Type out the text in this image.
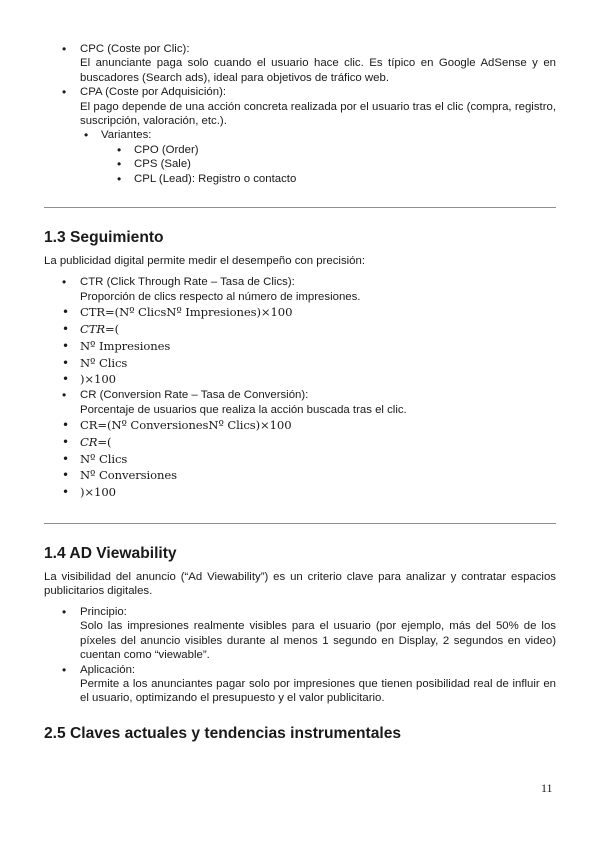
• CPC (Coste por Clic):
El anunciante paga solo cuando el usuario hace clic. Es típico en Google AdSense y en buscadores (Search ads), ideal para objetivos de tráfico web.
• CPA (Coste por Adquisición):
El pago depende de una acción concreta realizada por el usuario tras el clic (compra, registro, suscripción, valoración, etc.).
• Variantes:
• CPO (Order)
• CPS (Sale)
• CPL (Lead): Registro o contacto
1.3 Seguimiento

La publicidad digital permite medir el desempeño con precisión:

• CTR (Click Through Rate – Tasa de Clics):
Proporción de clics respecto al número de impresiones.
• CTR=(Nº ClicsNº Impresiones)×100
• CTR=(
• Nº Impresiones
• Nº Clics
• )×100
• CR (Conversion Rate – Tasa de Conversión):
Porcentaje de usuarios que realiza la acción buscada tras el clic.
• CR=(Nº ConversionesNº Clics)×100
• CR=(
• Nº Clics
• Nº Conversiones
• )×100
1.4 AD Viewability

La visibilidad del anuncio (“Ad Viewability”) es un criterio clave para analizar y contratar espacios publicitarios digitales.

• Principio:
Solo las impresiones realmente visibles para el usuario (por ejemplo, más del 50% de los píxeles del anuncio visibles durante al menos 1 segundo en Display, 2 segundos en video) cuentan como “viewable”.
• Aplicación:
Permite a los anunciantes pagar solo por impresiones que tienen posibilidad real de influir en el usuario, optimizando el presupuesto y el valor publicitario.
2.5 Claves actuales y tendencias instrumentales
11
